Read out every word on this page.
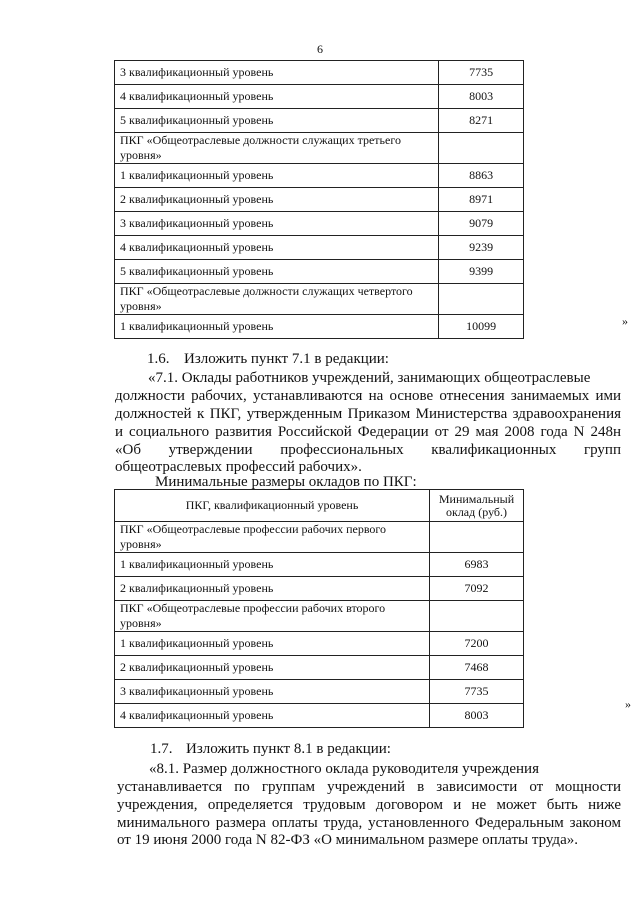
6
3 квалификационный уровень	7735
4 квалификационный уровень	8003
5 квалификационный уровень	8271
ПКГ «Общеотраслевые должности служащих третьего уровня»	
1 квалификационный уровень	8863
2 квалификационный уровень	8971
3 квалификационный уровень	9079
4 квалификационный уровень	9239
5 квалификационный уровень	9399
ПКГ «Общеотраслевые должности служащих четвертого уровня»	
1 квалификационный уровень	10099	»
1.6. Изложить пункт 7.1 в редакции:
«7.1. Оклады работников учреждений, занимающих общеотраслевые
должности рабочих, устанавливаются на основе отнесения занимаемых ими
должностей к ПКГ, утвержденным Приказом Министерства здравоохранения
и социального развития Российской Федерации от 29 мая 2008 года N 248н
«Об утверждении профессиональных квалификационных групп
общеотраслевых профессий рабочих».
Минимальные размеры окладов по ПКГ:
ПКГ, квалификационный уровень	Минимальный
оклад (руб.)
ПКГ «Общеотраслевые профессии рабочих первого уровня»	
1 квалификационный уровень	6983
2 квалификационный уровень	7092
ПКГ «Общеотраслевые профессии рабочих второго уровня»	
1 квалификационный уровень	7200
2 квалификационный уровень	7468
3 квалификационный уровень	7735
4 квалификационный уровень	8003
»
1.7. Изложить пункт 8.1 в редакции:
«8.1. Размер должностного оклада руководителя учреждения
устанавливается по группам учреждений в зависимости от мощности
учреждения, определяется трудовым договором и не может быть ниже
минимального размера оплаты труда, установленного Федеральным законом
от 19 июня 2000 года N 82-ФЗ «О минимальном размере оплаты труда».
